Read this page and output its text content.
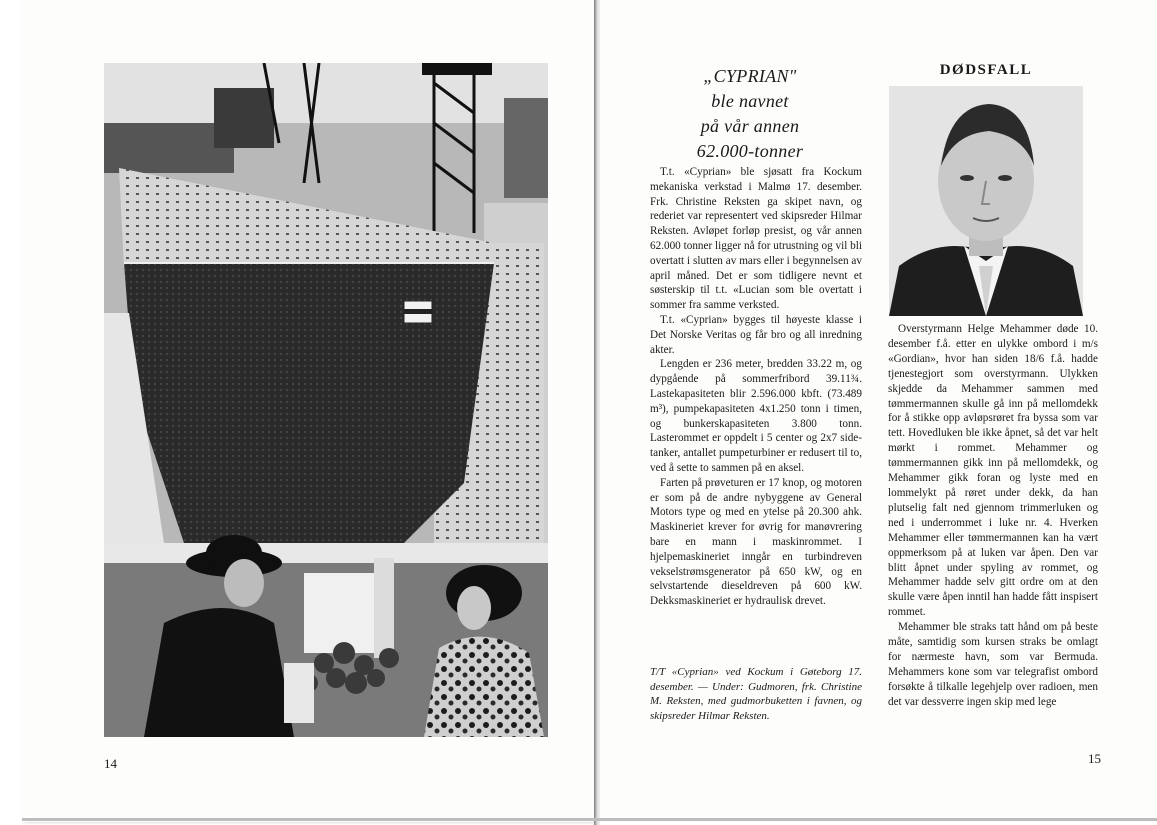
14
„CYPRIAN"
ble navnet
på vår annen
62.000-tonner

T.t. «Cyprian» ble sjøsatt fra Kockum mekaniska verkstad i Malmø 17. desember. Frk. Christine Reksten ga skipet navn, og rederiet var representert ved skipsreder Hilmar Reksten. Avløpet forløp presist, og vår annen 62.000 tonner ligger nå for utrustning og vil bli overtatt i slutten av mars eller i begynnelsen av april måned. Det er som tidligere nevnt et søsterskip til t.t. «Lucian som ble overtatt i sommer fra samme verksted.

T.t. «Cyprian» bygges til høyeste klasse i Det Norske Veritas og får bro og all inredning akter.

Lengden er 236 meter, bredden 33.22 m, og dypgående på sommerfribord 39.11¾. Lastekapasiteten blir 2.596.000 kbft. (73.489 m³), pumpekapasiteten 4x1.250 tonn i timen, og bunkerskapasiteten 3.800 tonn. Lasterommet er oppdelt i 5 center og 2x7 side-tanker, antallet pumpeturbiner er redusert til to, ved å sette to sammen på en aksel.

Farten på prøveturen er 17 knop, og motoren er som på de andre nybyggene av General Motors type og med en ytelse på 20.300 ahk. Maskineriet krever for øvrig for manøvrering bare en mann i maskinrommet. I hjelpemaskineriet inngår en turbindreven vekselstrømsgenerator på 650 kW, og en selvstartende dieseldreven på 600 kW. Dekksmaskineriet er hydraulisk drevet.

T/T «Cyprian» ved Kockum i Gøteborg 17. desember. — Under: Gudmoren, frk. Christine M. Reksten, med gudmorbuketten i favnen, og skipsreder Hilmar Reksten.
DØDSFALL

Overstyrmann Helge Mehammer døde 10. desember f.å. etter en ulykke ombord i m/s «Gordian», hvor han siden 18/6 f.å. hadde tjenestegjort som overstyrmann. Ulykken skjedde da Mehammer sammen med tømmermannen skulle gå inn på mellomdekk for å stikke opp avløpsrøret fra byssa som var tett. Hovedluken ble ikke åpnet, så det var helt mørkt i rommet. Mehammer og tømmermannen gikk inn på mellomdekk, og Mehammer gikk foran og lyste med en lommelykt på røret under dekk, da han plutselig falt ned gjennom trimmerluken og ned i underrommet i luke nr. 4. Hverken Mehammer eller tømmermannen kan ha vært oppmerksom på at luken var åpen. Den var blitt åpnet under spyling av rommet, og Mehammer hadde selv gitt ordre om at den skulle være åpen inntil han hadde fått inspisert rommet.

Mehammer ble straks tatt hånd om på beste måte, samtidig som kursen straks be omlagt for nærmeste havn, som var Bermuda. Mehammers kone som var telegrafist ombord forsøkte å tilkalle legehjelp over radioen, men det var dessverre ingen skip med lege

15
